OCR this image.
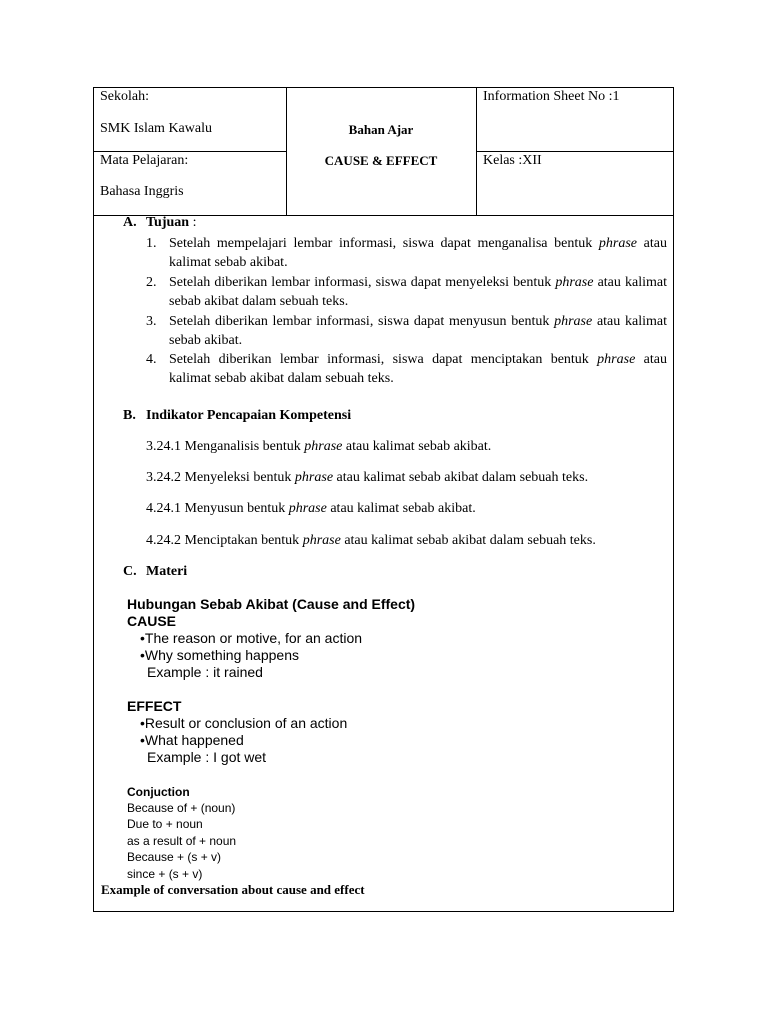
Sekolah:
SMK Islam Kawalu
Mata Pelajaran:
Bahasa Inggris
Bahan Ajar
CAUSE & EFFECT
Information Sheet No :1
Kelas :XII
A. Tujuan :
1. Setelah mempelajari lembar informasi, siswa dapat menganalisa bentuk phrase atau kalimat sebab akibat.
2. Setelah diberikan lembar informasi, siswa dapat menyeleksi bentuk phrase atau kalimat sebab akibat dalam sebuah teks.
3. Setelah diberikan lembar informasi, siswa dapat menyusun bentuk phrase atau kalimat sebab akibat.
4. Setelah diberikan lembar informasi, siswa dapat menciptakan bentuk phrase atau kalimat sebab akibat dalam sebuah teks.
B. Indikator Pencapaian Kompetensi
3.24.1 Menganalisis bentuk phrase atau kalimat sebab akibat.
3.24.2 Menyeleksi bentuk phrase atau kalimat sebab akibat dalam sebuah teks.
4.24.1 Menyusun bentuk phrase atau kalimat sebab akibat.
4.24.2 Menciptakan bentuk phrase atau kalimat sebab akibat dalam sebuah teks.
C. Materi
Hubungan Sebab Akibat (Cause and Effect)
CAUSE
•The reason or motive, for an action
•Why something happens
Example : it rained
EFFECT
•Result or conclusion of an action
•What happened
Example : I got wet
Conjuction
Because of + (noun)
Due to + noun
as a result of + noun
Because + (s + v)
since + (s + v)
Example of conversation about cause and effect
